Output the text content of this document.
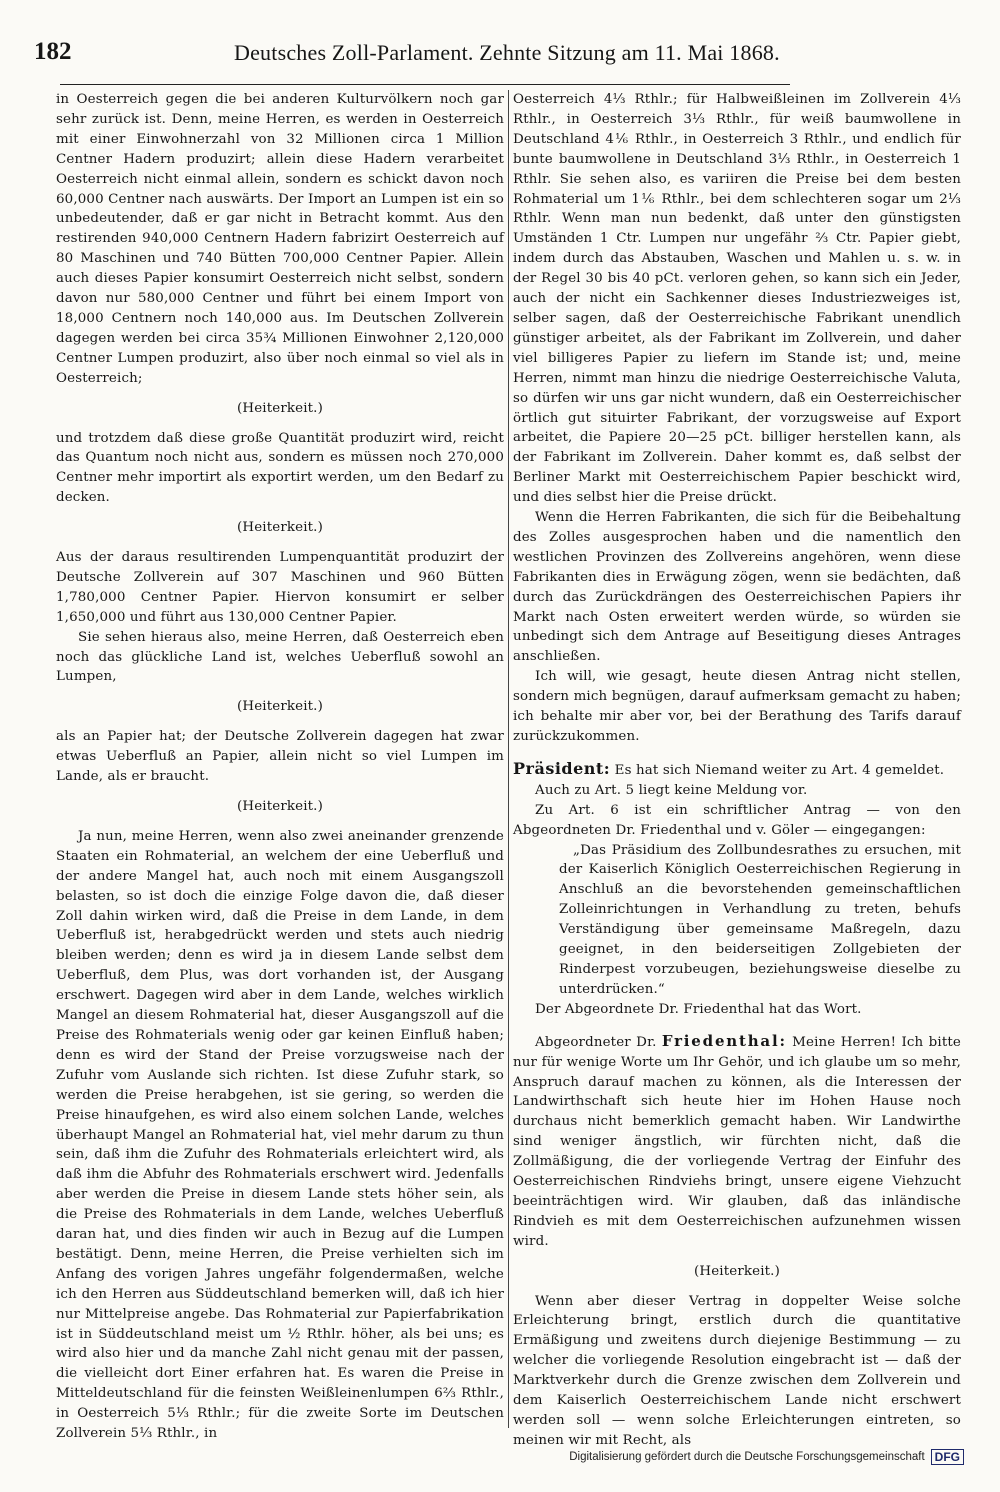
182	Deutsches Zoll-Parlament. Zehnte Sitzung am 11. Mai 1868.

in Oesterreich gegen die bei anderen Kulturvölkern noch gar sehr zurück ist. Denn, meine Herren, es werden in Oesterreich mit einer Einwohnerzahl von 32 Millionen circa 1 Million Centner Hadern produzirt; allein diese Hadern verarbeitet Oesterreich nicht einmal allein, sondern es schickt davon noch 60,000 Centner nach auswärts. Der Import an Lumpen ist ein so unbedeutender, daß er gar nicht in Betracht kommt. Aus den restirenden 940,000 Centnern Hadern fabrizirt Oesterreich auf 80 Maschinen und 740 Bütten 700,000 Centner Papier. Allein auch dieses Papier konsumirt Oesterreich nicht selbst, sondern davon nur 580,000 Centner und führt bei einem Import von 18,000 Centnern noch 140,000 aus. Im Deutschen Zollverein dagegen werden bei circa 35¾ Millionen Einwohner 2,120,000 Centner Lumpen produzirt, also über noch einmal so viel als in Oesterreich;

(Heiterkeit.)

und trotzdem daß diese große Quantität produzirt wird, reicht das Quantum noch nicht aus, sondern es müssen noch 270,000 Centner mehr importirt als exportirt werden, um den Bedarf zu decken.

(Heiterkeit.)

Aus der daraus resultirenden Lumpenquantität produzirt der Deutsche Zollverein auf 307 Maschinen und 960 Bütten 1,780,000 Centner Papier. Hiervon konsumirt er selber 1,650,000 und führt aus 130,000 Centner Papier.

Sie sehen hieraus also, meine Herren, daß Oesterreich eben noch das glückliche Land ist, welches Ueberfluß sowohl an Lumpen,

(Heiterkeit.)

als an Papier hat; der Deutsche Zollverein dagegen hat zwar etwas Ueberfluß an Papier, allein nicht so viel Lumpen im Lande, als er braucht.

(Heiterkeit.)

Ja nun, meine Herren, wenn also zwei aneinander grenzende Staaten ein Rohmaterial, an welchem der eine Ueberfluß und der andere Mangel hat, auch noch mit einem Ausgangszoll belasten, so ist doch die einzige Folge davon die, daß dieser Zoll dahin wirken wird, daß die Preise in dem Lande, in dem Ueberfluß ist, herabgedrückt werden und stets auch niedrig bleiben werden; denn es wird ja in diesem Lande selbst dem Ueberfluß, dem Plus, was dort vorhanden ist, der Ausgang erschwert. Dagegen wird aber in dem Lande, welches wirklich Mangel an diesem Rohmaterial hat, dieser Ausgangszoll auf die Preise des Rohmaterials wenig oder gar keinen Einfluß haben; denn es wird der Stand der Preise vorzugsweise nach der Zufuhr vom Auslande sich richten. Ist diese Zufuhr stark, so werden die Preise herabgehen, ist sie gering, so werden die Preise hinaufgehen, es wird also einem solchen Lande, welches überhaupt Mangel an Rohmaterial hat, viel mehr darum zu thun sein, daß ihm die Zufuhr des Rohmaterials erleichtert wird, als daß ihm die Abfuhr des Rohmaterials erschwert wird. Jedenfalls aber werden die Preise in diesem Lande stets höher sein, als die Preise des Rohmaterials in dem Lande, welches Ueberfluß daran hat, und dies finden wir auch in Bezug auf die Lumpen bestätigt. Denn, meine Herren, die Preise verhielten sich im Anfang des vorigen Jahres ungefähr folgendermaßen, welche ich den Herren aus Süddeutschland bemerken will, daß ich hier nur Mittelpreise angebe. Das Rohmaterial zur Papierfabrikation ist in Süddeutschland meist um ½ Rthlr. höher, als bei uns; es wird also hier und da manche Zahl nicht genau mit der passen, die vielleicht dort Einer erfahren hat. Es waren die Preise in Mitteldeutschland für die feinsten Weißleinenlumpen 6⅔ Rthlr., in Oesterreich 5⅓ Rthlr.; für die zweite Sorte im Deutschen Zollverein 5⅓ Rthlr., in

Oesterreich 4⅓ Rthlr.; für Halbweißleinen im Zollverein 4⅓ Rthlr., in Oesterreich 3⅓ Rthlr., für weiß baumwollene in Deutschland 4⅙ Rthlr., in Oesterreich 3 Rthlr., und endlich für bunte baumwollene in Deutschland 3⅓ Rthlr., in Oesterreich 1 Rthlr. Sie sehen also, es variiren die Preise bei dem besten Rohmaterial um 1⅙ Rthlr., bei dem schlechteren sogar um 2⅓ Rthlr. Wenn man nun bedenkt, daß unter den günstigsten Umständen 1 Ctr. Lumpen nur ungefähr ⅔ Ctr. Papier giebt, indem durch das Abstauben, Waschen und Mahlen u. s. w. in der Regel 30 bis 40 pCt. verloren gehen, so kann sich ein Jeder, auch der nicht ein Sachkenner dieses Industriezweiges ist, selber sagen, daß der Oesterreichische Fabrikant unendlich günstiger arbeitet, als der Fabrikant im Zollverein, und daher viel billigeres Papier zu liefern im Stande ist; und, meine Herren, nimmt man hinzu die niedrige Oesterreichische Valuta, so dürfen wir uns gar nicht wundern, daß ein Oesterreichischer örtlich gut situirter Fabrikant, der vorzugsweise auf Export arbeitet, die Papiere 20—25 pCt. billiger herstellen kann, als der Fabrikant im Zollverein. Daher kommt es, daß selbst der Berliner Markt mit Oesterreichischem Papier beschickt wird, und dies selbst hier die Preise drückt.

Wenn die Herren Fabrikanten, die sich für die Beibehaltung des Zolles ausgesprochen haben und die namentlich den westlichen Provinzen des Zollvereins angehören, wenn diese Fabrikanten dies in Erwägung zögen, wenn sie bedächten, daß durch das Zurückdrängen des Oesterreichischen Papiers ihr Markt nach Osten erweitert werden würde, so würden sie unbedingt sich dem Antrage auf Beseitigung dieses Antrages anschließen.

Ich will, wie gesagt, heute diesen Antrag nicht stellen, sondern mich begnügen, darauf aufmerksam gemacht zu haben; ich behalte mir aber vor, bei der Berathung des Tarifs darauf zurückzukommen.

Präsident: Es hat sich Niemand weiter zu Art. 4 gemeldet.

Auch zu Art. 5 liegt keine Meldung vor.

Zu Art. 6 ist ein schriftlicher Antrag — von den Abgeordneten Dr. Friedenthal und v. Göler — eingegangen:

„Das Präsidium des Zollbundesrathes zu ersuchen, mit der Kaiserlich Königlich Oesterreichischen Regierung in Anschluß an die bevorstehenden gemeinschaftlichen Zolleinrichtungen in Verhandlung zu treten, behufs Verständigung über gemeinsame Maßregeln, dazu geeignet, in den beiderseitigen Zollgebieten der Rinderpest vorzubeugen, beziehungsweise dieselbe zu unterdrücken.“

Der Abgeordnete Dr. Friedenthal hat das Wort.

Abgeordneter Dr. Friedenthal: Meine Herren! Ich bitte nur für wenige Worte um Ihr Gehör, und ich glaube um so mehr, Anspruch darauf machen zu können, als die Interessen der Landwirthschaft sich heute hier im Hohen Hause noch durchaus nicht bemerklich gemacht haben. Wir Landwirthe sind weniger ängstlich, wir fürchten nicht, daß die Zollmäßigung, die der vorliegende Vertrag der Einfuhr des Oesterreichischen Rindviehs bringt, unsere eigene Viehzucht beeinträchtigen wird. Wir glauben, daß das inländische Rindvieh es mit dem Oesterreichischen aufzunehmen wissen wird.

(Heiterkeit.)

Wenn aber dieser Vertrag in doppelter Weise solche Erleichterung bringt, erstlich durch die quantitative Ermäßigung und zweitens durch diejenige Bestimmung — zu welcher die vorliegende Resolution eingebracht ist — daß der Marktverkehr durch die Grenze zwischen dem Zollverein und dem Kaiserlich Oesterreichischem Lande nicht erschwert werden soll — wenn solche Erleichterungen eintreten, so meinen wir mit Recht, als

Digitalisierung gefördert durch die Deutsche Forschungsgemeinschaft DFG
